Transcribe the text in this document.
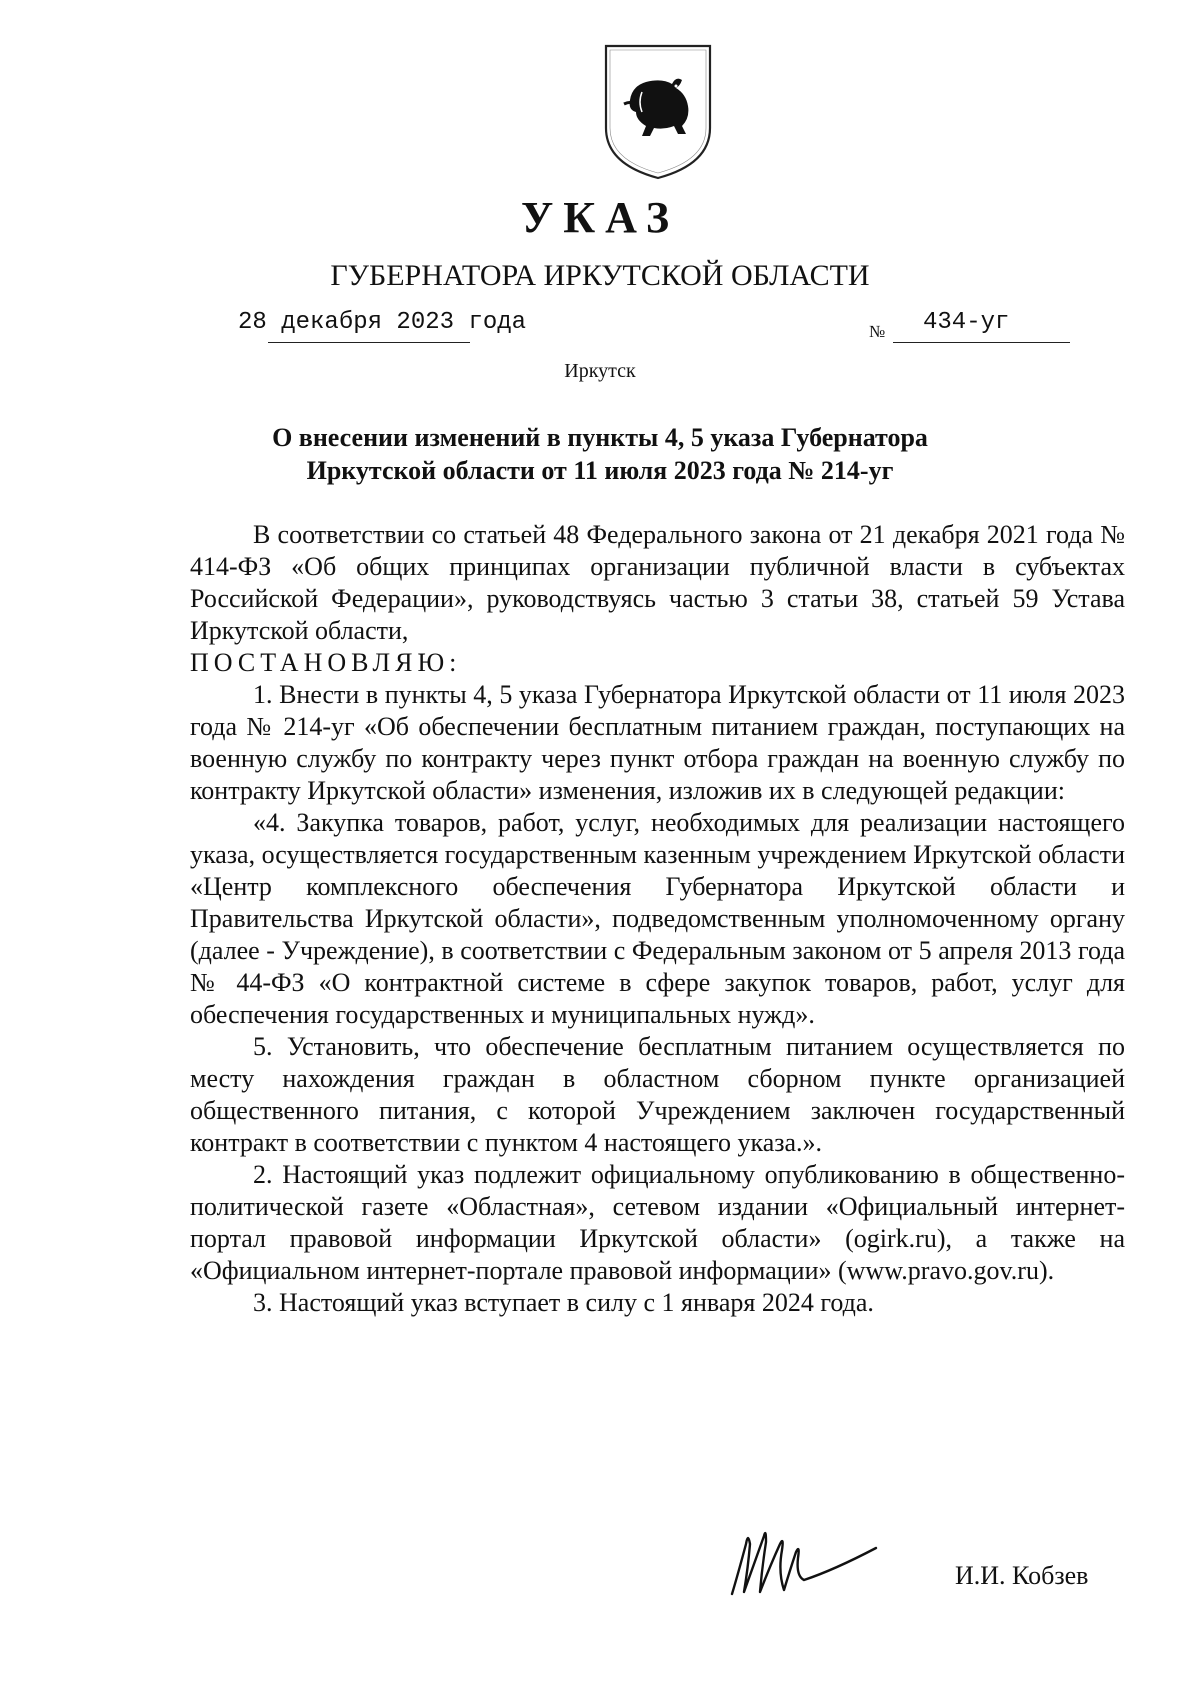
УКАЗ
ГУБЕРНАТОРА ИРКУТСКОЙ ОБЛАСТИ
28 декабря 2023 года	№ 434-уг
Иркутск
О внесении изменений в пункты 4, 5 указа Губернатора
Иркутской области от 11 июля 2023 года № 214-уг

В соответствии со статьей 48 Федерального закона от 21 декабря 2021 года № 414-ФЗ «Об общих принципах организации публичной власти в субъектах Российской Федерации», руководствуясь частью 3 статьи 38, статьей 59 Устава Иркутской области,

ПОСТАНОВЛЯЮ:

1. Внести в пункты 4, 5 указа Губернатора Иркутской области от 11 июля 2023 года № 214-уг «Об обеспечении бесплатным питанием граждан, поступающих на военную службу по контракту через пункт отбора граждан на военную службу по контракту Иркутской области» изменения, изложив их в следующей редакции:

«4. Закупка товаров, работ, услуг, необходимых для реализации настоящего указа, осуществляется государственным казенным учреждением Иркутской области «Центр комплексного обеспечения Губернатора Иркутской области и Правительства Иркутской области», подведомственным уполномоченному органу (далее - Учреждение), в соответствии с Федеральным законом от 5 апреля 2013 года № 44-ФЗ «О контрактной системе в сфере закупок товаров, работ, услуг для обеспечения государственных и муниципальных нужд».

5. Установить, что обеспечение бесплатным питанием осуществляется по месту нахождения граждан в областном сборном пункте организацией общественного питания, с которой Учреждением заключен государственный контракт в соответствии с пунктом 4 настоящего указа.».

2. Настоящий указ подлежит официальному опубликованию в общественно-политической газете «Областная», сетевом издании «Официальный интернет-портал правовой информации Иркутской области» (ogirk.ru), а также на «Официальном интернет-портале правовой информации» (www.pravo.gov.ru).

3. Настоящий указ вступает в силу с 1 января 2024 года.

И.И. Кобзев
